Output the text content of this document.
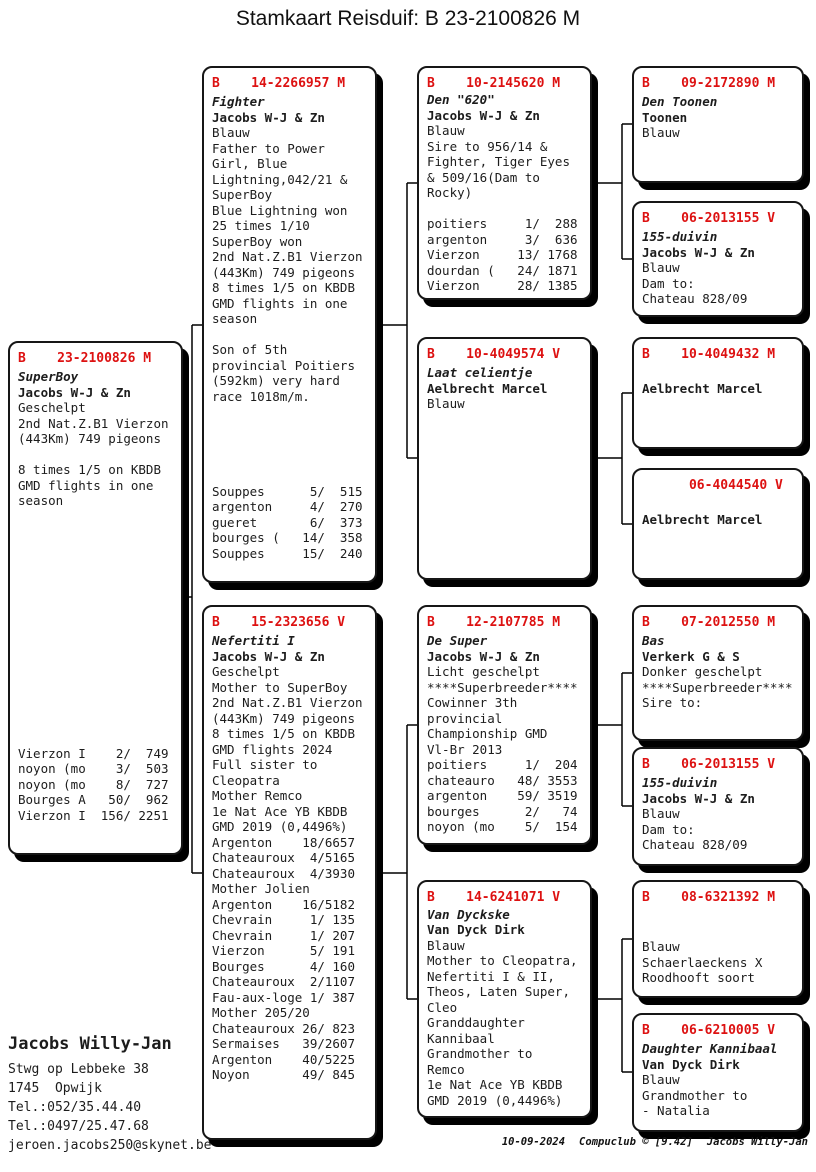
Stamkaart Reisduif: B 23-2100826 M
B    23-2100826 M
SuperBoy
Jacobs W-J & Zn
Geschelpt
2nd Nat.Z.B1 Vierzon
(443Km) 749 pigeons

8 times 1/5 on KBDB
GMD flights in one
season
Vierzon I    2/  749
noyon (mo    3/  503
noyon (mo    8/  727
Bourges A   50/  962
Vierzon I  156/ 2251
B    14-2266957 M
Fighter
Jacobs W-J & Zn
Blauw
Father to Power
Girl, Blue
Lightning,042/21 &
SuperBoy
Blue Lightning won
25 times 1/10
SuperBoy won
2nd Nat.Z.B1 Vierzon
(443Km) 749 pigeons
8 times 1/5 on KBDB
GMD flights in one
season

Son of 5th
provincial Poitiers
(592km) very hard
race 1018m/m.
Souppes      5/  515
argenton     4/  270
gueret       6/  373
bourges (   14/  358
Souppes     15/  240
B    15-2323656 V
Nefertiti I
Jacobs W-J & Zn
Geschelpt
Mother to SuperBoy
2nd Nat.Z.B1 Vierzon
(443Km) 749 pigeons
8 times 1/5 on KBDB
GMD flights 2024
Full sister to
Cleopatra
Mother Remco
1e Nat Ace YB KBDB
GMD 2019 (0,4496%)
Argenton    18/6657
Chateauroux  4/5165
Chateauroux  4/3930
Mother Jolien
Argenton    16/5182
Chevrain     1/ 135
Chevrain     1/ 207
Vierzon      5/ 191
Bourges      4/ 160
Chateauroux  2/1107
Fau-aux-loge 1/ 387
Mother 205/20
Chateauroux 26/ 823
Sermaises   39/2607
Argenton    40/5225
Noyon       49/ 845
B    10-2145620 M
Den "620"
Jacobs W-J & Zn
Blauw
Sire to 956/14 &
Fighter, Tiger Eyes
& 509/16(Dam to
Rocky)

poitiers     1/  288
argenton     3/  636
Vierzon     13/ 1768
dourdan (   24/ 1871
Vierzon     28/ 1385
B    10-4049574 V
Laat celientje
Aelbrecht Marcel
Blauw
B    12-2107785 M
De Super
Jacobs W-J & Zn
Licht geschelpt
****Superbreeder****
Cowinner 3th
provincial
Championship GMD
Vl-Br 2013
poitiers     1/  204
chateauro   48/ 3553
argenton    59/ 3519
bourges      2/   74
noyon (mo    5/  154
B    14-6241071 V
Van Dyckske
Van Dyck Dirk
Blauw
Mother to Cleopatra,
Nefertiti I & II,
Theos, Laten Super,
Cleo
Granddaughter
Kannibaal
Grandmother to
Remco
1e Nat Ace YB KBDB
GMD 2019 (0,4496%)
B    09-2172890 M
Den Toonen
Toonen
Blauw
B    06-2013155 V
155-duivin
Jacobs W-J & Zn
Blauw
Dam to:
Chateau 828/09
B    10-4049432 M

Aelbrecht Marcel
06-4044540 V

Aelbrecht Marcel
B    07-2012550 M
Bas
Verkerk G & S
Donker geschelpt
****Superbreeder****
Sire to:
B    06-2013155 V
155-duivin
Jacobs W-J & Zn
Blauw
Dam to:
Chateau 828/09
B    08-6321392 M

Blauw
Schaerlaeckens X
Roodhooft soort
B    06-6210005 V
Daughter Kannibaal
Van Dyck Dirk
Blauw
Grandmother to
- Natalia
Jacobs Willy-Jan
Stwg op Lebbeke 38
1745  Opwijk
Tel.:052/35.44.40
Tel.:0497/25.47.68
jeroen.jacobs250@skynet.be	10-09-2024 Compuclub © [9.42] Jacobs Willy-Jan
